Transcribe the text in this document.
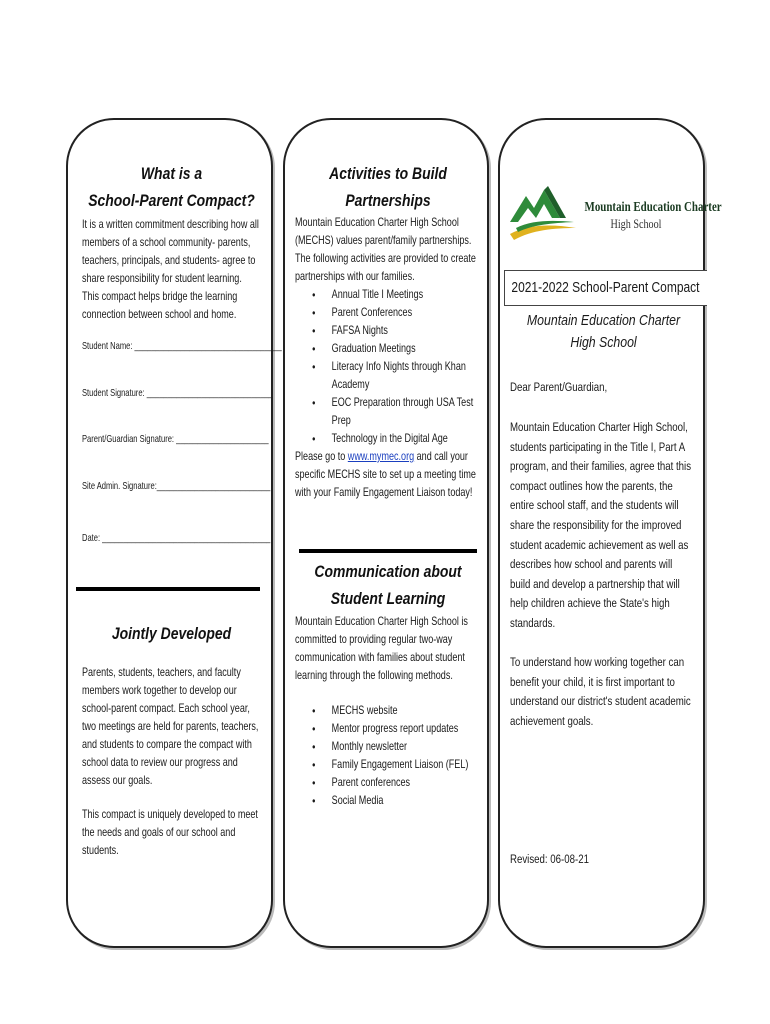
What is a
School-Parent Compact?
It is a written commitment describing how all members of a school community- parents, teachers, principals, and students- agree to share responsibility for student learning. This compact helps bridge the learning connection between school and home.
Student Name: ___________________________________
Student Signature: ______________________________
Parent/Guardian Signature: ______________________
Site Admin. Signature:___________________________
Date: ________________________________________
Jointly Developed
Parents, students, teachers, and faculty members work together to develop our school-parent compact. Each school year, two meetings are held for parents, teachers, and students to compare the compact with school data to review our progress and assess our goals.
This compact is uniquely developed to meet the needs and goals of our school and students.
Activities to Build
Partnerships
Mountain Education Charter High School (MECHS) values parent/family partnerships. The following activities are provided to create partnerships with our families.
• Annual Title I Meetings
• Parent Conferences
• FAFSA Nights
• Graduation Meetings
• Literacy Info Nights through Khan Academy
• EOC Preparation through USA Test Prep
• Technology in the Digital Age
Please go to www.mymec.org and call your specific MECHS site to set up a meeting time with your Family Engagement Liaison today!
Communication about
Student Learning
Mountain Education Charter High School is committed to providing regular two-way communication with families about student learning through the following methods.
• MECHS website
• Mentor progress report updates
• Monthly newsletter
• Family Engagement Liaison (FEL)
• Parent conferences
• Social Media
Mountain Education Charter
High School
2021-2022 School-Parent Compact
Mountain Education Charter High School
Dear Parent/Guardian,
Mountain Education Charter High School, students participating in the Title I, Part A program, and their families, agree that this compact outlines how the parents, the entire school staff, and the students will share the responsibility for the improved student academic achievement as well as describes how school and parents will build and develop a partnership that will help children achieve the State's high standards.
To understand how working together can benefit your child, it is first important to understand our district's student academic achievement goals.
Revised: 06-08-21
